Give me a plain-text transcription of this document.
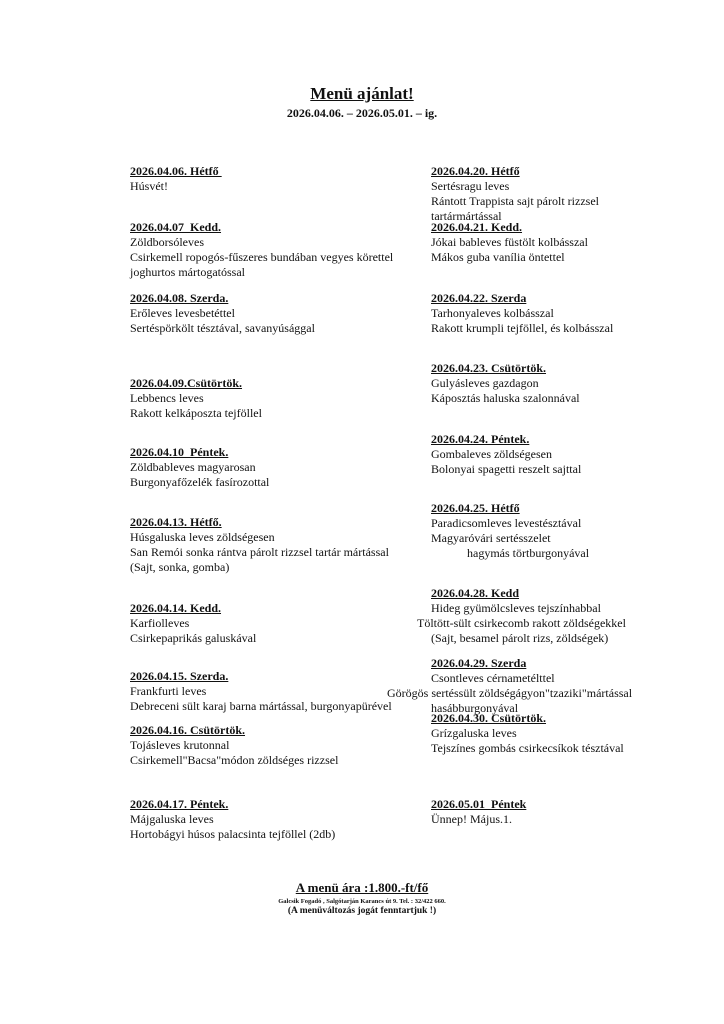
Menü ajánlat!
2026.04.06. – 2026.05.01. – ig.
2026.04.06. Hétfő
Húsvét!
2026.04.07  Kedd.
Zöldborsóleves
Csirkemell ropogós-fűszeres bundában vegyes körettel
joghurtos mártogatóssal
2026.04.08. Szerda.
Erőleves levesbetéttel
Sertéspörkölt tésztával, savanyúsággal
2026.04.09.Csütörtök.
Lebbencs leves
Rakott kelkáposzta tejföllel
2026.04.10  Péntek.
Zöldbableves magyarosan
Burgonyafőzelék fasírozottal
2026.04.13. Hétfő.
Húsgaluska leves zöldségesen
San Remói sonka rántva párolt rizzsel tartár mártással
(Sajt, sonka, gomba)
2026.04.14. Kedd.
Karfiolleves
Csirkepaprikás galuskával
2026.04.15. Szerda.
Frankfurti leves
Debreceni sült karaj barna mártással, burgonyapürével
2026.04.16. Csütörtök.
Tojásleves krutonnal
Csirkemell"Bacsa"módon zöldséges rizzsel
2026.04.17. Péntek.
Májgaluska leves
Hortobágyi húsos palacsinta tejföllel (2db)
2026.04.20. Hétfő
Sertésragu leves
Rántott Trappista sajt párolt rizzsel
tartármártással
2026.04.21. Kedd.
Jókai bableves füstölt kolbásszal
Mákos guba vanília öntettel
2026.04.22. Szerda
Tarhonyaleves kolbásszal
Rakott krumpli tejföllel, és kolbásszal
2026.04.23. Csütörtök.
Gulyásleves gazdagon
Káposztás haluska szalonnával
2026.04.24. Péntek.
Gombaleves zöldségesen
Bolonyai spagetti reszelt sajttal
2026.04.25. Hétfő
Paradicsomleves levestésztával
Magyaróvári sertésszelet
hagymás törtburgonyával
2026.04.28. Kedd
Hideg gyümölcsleves tejszínhabbal
Töltött-sült csirkecomb rakott zöldségekkel
(Sajt, besamel párolt rizs, zöldségek)
2026.04.29. Szerda
Csontleves cérnametélttel
Görögös sertéssült zöldségágyon"tzaziki"mártással
hasábburgonyával
2026.04.30. Csütörtök.
Grízgaluska leves
Tejszínes gombás csirkecsíkok tésztával
2026.05.01  Péntek
Ünnep! Május.1.
A menü ára :1.800.-ft/fő
Galcsik Fogadó , Salgótarján Karancs út 9. Tel. : 32/422 660.
(A menüváltozás jogát fenntartjuk !)
